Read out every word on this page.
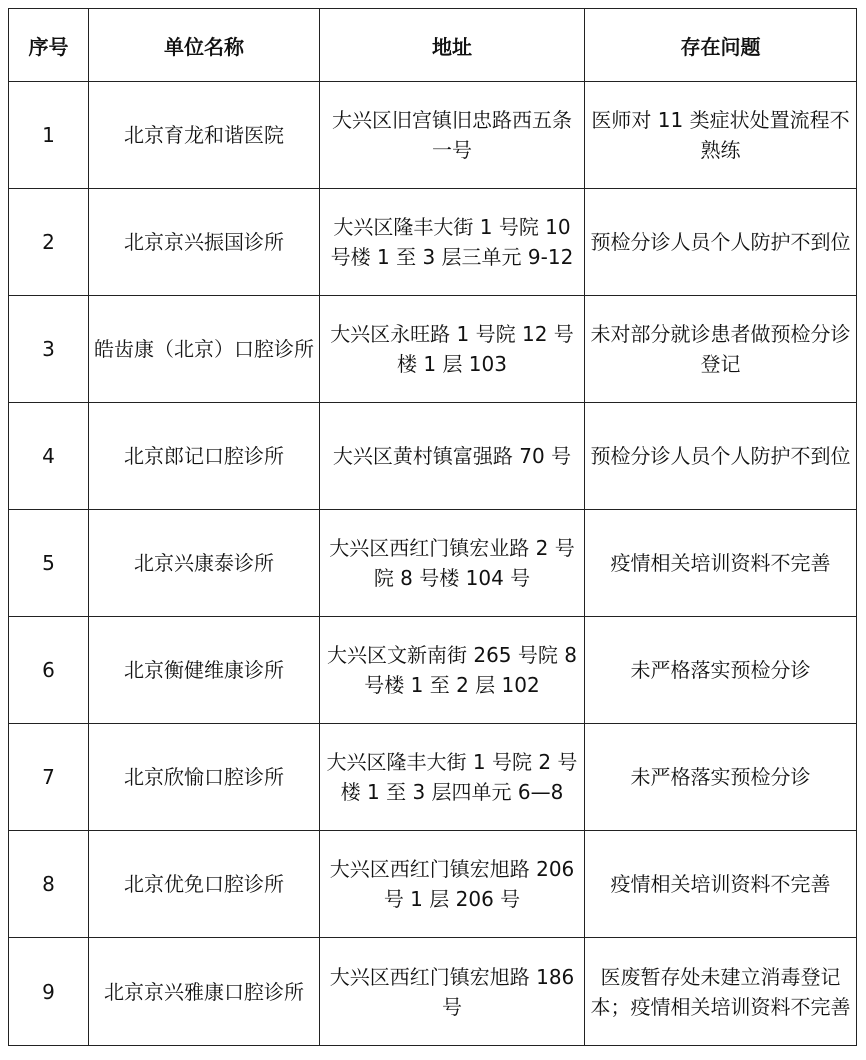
序号	单位名称	地址	存在问题
1	北京育龙和谐医院	大兴区旧宫镇旧忠路西五条一号	医师对 11 类症状处置流程不熟练
2	北京京兴振国诊所	大兴区隆丰大街 1 号院 10 号楼 1 至 3 层三单元 9-12	预检分诊人员个人防护不到位
3	皓齿康（北京）口腔诊所	大兴区永旺路 1 号院 12 号楼 1 层 103	未对部分就诊患者做预检分诊登记
4	北京郎记口腔诊所	大兴区黄村镇富强路 70 号	预检分诊人员个人防护不到位
5	北京兴康泰诊所	大兴区西红门镇宏业路 2 号院 8 号楼 104 号	疫情相关培训资料不完善
6	北京衡健维康诊所	大兴区文新南街 265 号院 8 号楼 1 至 2 层 102	未严格落实预检分诊
7	北京欣愉口腔诊所	大兴区隆丰大街 1 号院 2 号楼 1 至 3 层四单元 6—8	未严格落实预检分诊
8	北京优免口腔诊所	大兴区西红门镇宏旭路 206 号 1 层 206 号	疫情相关培训资料不完善
9	北京京兴雅康口腔诊所	大兴区西红门镇宏旭路 186 号	医废暂存处未建立消毒登记本；疫情相关培训资料不完善
